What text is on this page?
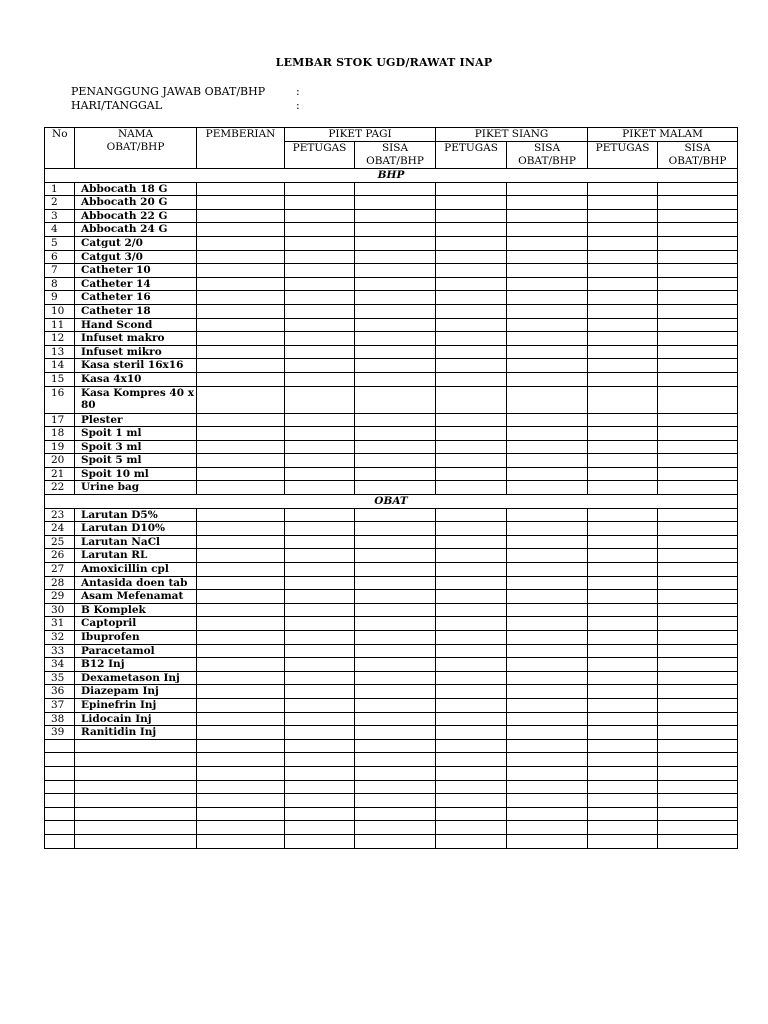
LEMBAR STOK UGD/RAWAT INAP
PENANGGUNG JAWAB OBAT/BHP	:
HARI/TANGGAL	:
No	NAMA OBAT/BHP	PEMBERIAN	PIKET PAGI		PIKET SIANG		PIKET MALAM	
			PETUGAS	SISA OBAT/BHP	PETUGAS	SISA OBAT/BHP	PETUGAS	SISA OBAT/BHP
BHP								
1	Abbocath 18 G							
2	Abbocath 20 G							
3	Abbocath 22 G							
4	Abbocath 24 G							
5	Catgut 2/0							
6	Catgut 3/0							
7	Catheter 10							
8	Catheter 14							
9	Catheter 16							
10	Catheter 18							
11	Hand Scond							
12	Infuset makro							
13	Infuset mikro							
14	Kasa steril 16x16							
15	Kasa 4x10							
16	Kasa Kompres 40 x 80							
17	Plester							
18	Spoit 1 ml							
19	Spoit 3 ml							
20	Spoit 5 ml							
21	Spoit 10 ml							
22	Urine bag							
OBAT								
23	Larutan D5%							
24	Larutan D10%							
25	Larutan NaCl							
26	Larutan RL							
27	Amoxicillin cpl							
28	Antasida doen tab							
29	Asam Mefenamat							
30	B Komplek							
31	Captopril							
32	Ibuprofen							
33	Paracetamol							
34	B12 Inj							
35	Dexametason Inj							
36	Diazepam Inj							
37	Epinefrin Inj							
38	Lidocain Inj							
39	Ranitidin Inj							
